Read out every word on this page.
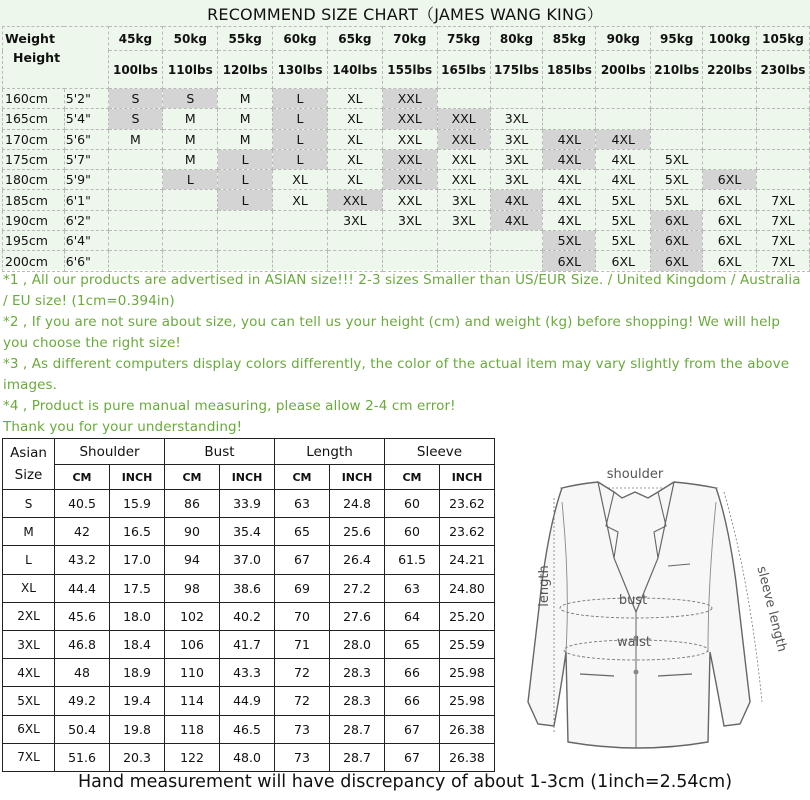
RECOMMEND SIZE CHART（JAMES WANG KING）
Weight
Height		45kg	50kg	55kg	60kg	65kg	70kg	75kg	80kg	85kg	90kg	95kg	100kg	105kg
		100lbs	110lbs	120lbs	130lbs	140lbs	155lbs	165lbs	175lbs	185lbs	200lbs	210lbs	220lbs	230lbs
160cm	5'2"	S	S	M	L	XL	XXL							
165cm	5'4"	S	M	M	L	XL	XXL	XXL	3XL					
170cm	5'6"	M	M	M	L	XL	XXL	XXL	3XL	4XL	4XL			
175cm	5'7"		M	L	L	XL	XXL	XXL	3XL	4XL	4XL	5XL		
180cm	5'9"		L	L	XL	XL	XXL	XXL	3XL	4XL	4XL	5XL	6XL	
185cm	6'1"			L	XL	XXL	XXL	3XL	4XL	4XL	5XL	5XL	6XL	7XL
190cm	6'2"					3XL	3XL	3XL	4XL	4XL	5XL	6XL	6XL	7XL
195cm	6'4"									5XL	5XL	6XL	6XL	7XL
200cm	6'6"									6XL	6XL	6XL	6XL	7XL

*1 , All our products are advertised in ASIAN size!!! 2-3 sizes Smaller than US/EUR Size. / United Kingdom / Australia / EU size! (1cm=0.394in)

*2 , If you are not sure about size, you can tell us your height (cm) and weight (kg) before shopping! We will help you choose the right size!

*3 , As different computers display colors differently, the color of the actual item may vary slightly from the above images.

*4 , Product is pure manual measuring, please allow 2-4 cm error!

Thank you for your understanding!

Asian
Size	Shoulder		Bust		Length		Sleeve	
	CM	INCH	CM	INCH	CM	INCH	CM	INCH
S	40.5	15.9	86	33.9	63	24.8	60	23.62
M	42	16.5	90	35.4	65	25.6	60	23.62
L	43.2	17.0	94	37.0	67	26.4	61.5	24.21
XL	44.4	17.5	98	38.6	69	27.2	63	24.80
2XL	45.6	18.0	102	40.2	70	27.6	64	25.20
3XL	46.8	18.4	106	41.7	71	28.0	65	25.59
4XL	48	18.9	110	43.3	72	28.3	66	25.98
5XL	49.2	19.4	114	44.9	72	28.3	66	25.98
6XL	50.4	19.8	118	46.5	73	28.7	67	26.38
7XL	51.6	20.3	122	48.0	73	28.7	67	26.38
shoulder
length	bust
waist	sleeve length
Hand measurement will have discrepancy of about 1-3cm (1inch=2.54cm)
